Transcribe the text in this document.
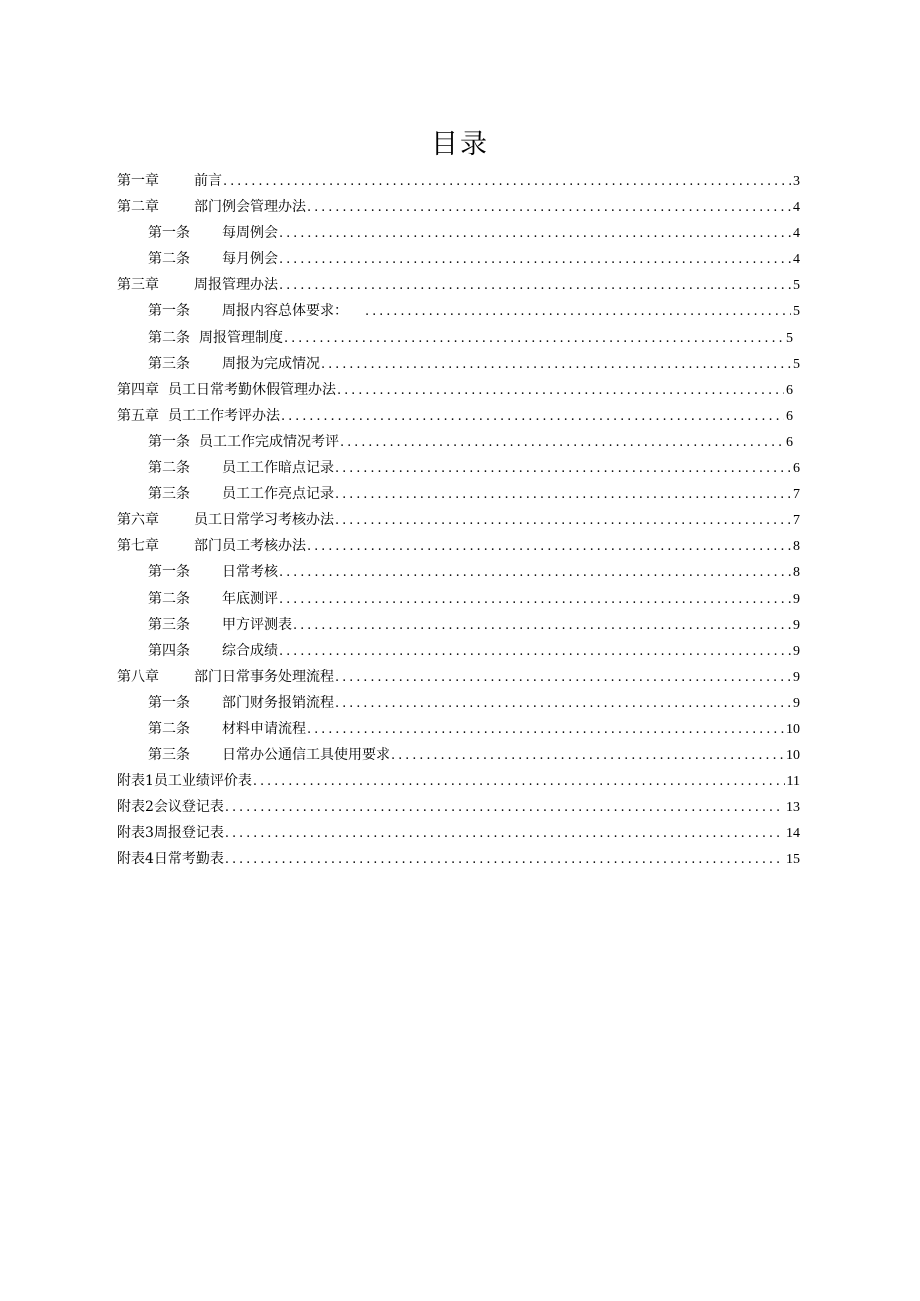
目录
第一章	前言 . . .	3
第二章	部门例会管理办法 . . .	4
第一条 每周例会 . . .	4
第二条 每月例会 . . .	4
第三章	周报管理办法 . . .	5
第一条 周报内容总体要求： . . .	5
第二条 周报管理制度 . . .	5
第三条 周报为完成情况 . . .	5
第四章 员工日常考勤休假管理办法 . . .	6
第五章 员工工作考评办法 . . .	6
第一条 员工工作完成情况考评 . . .	6
第二条 员工工作暗点记录 . . .	6
第三条 员工工作亮点记录 . . .	7
第六章	员工日常学习考核办法 . . .	7
第七章	部门员工考核办法 . . .	8
第一条 日常考核 . . .	8
第二条 年底测评 . . .	9
第三条 甲方评测表 . . .	9
第四条 综合成绩 . . .	9
第八章	部门日常事务处理流程 . . .	9
第一条 部门财务报销流程 . . .	9
第二条 材料申请流程 . . .	10
第三条 日常办公通信工具使用要求 . . .	10
附表1员工业绩评价表 . . .	11
附表2会议登记表 . . .	13
附表3周报登记表 . . .	14
附表4日常考勤表 . . .	15
